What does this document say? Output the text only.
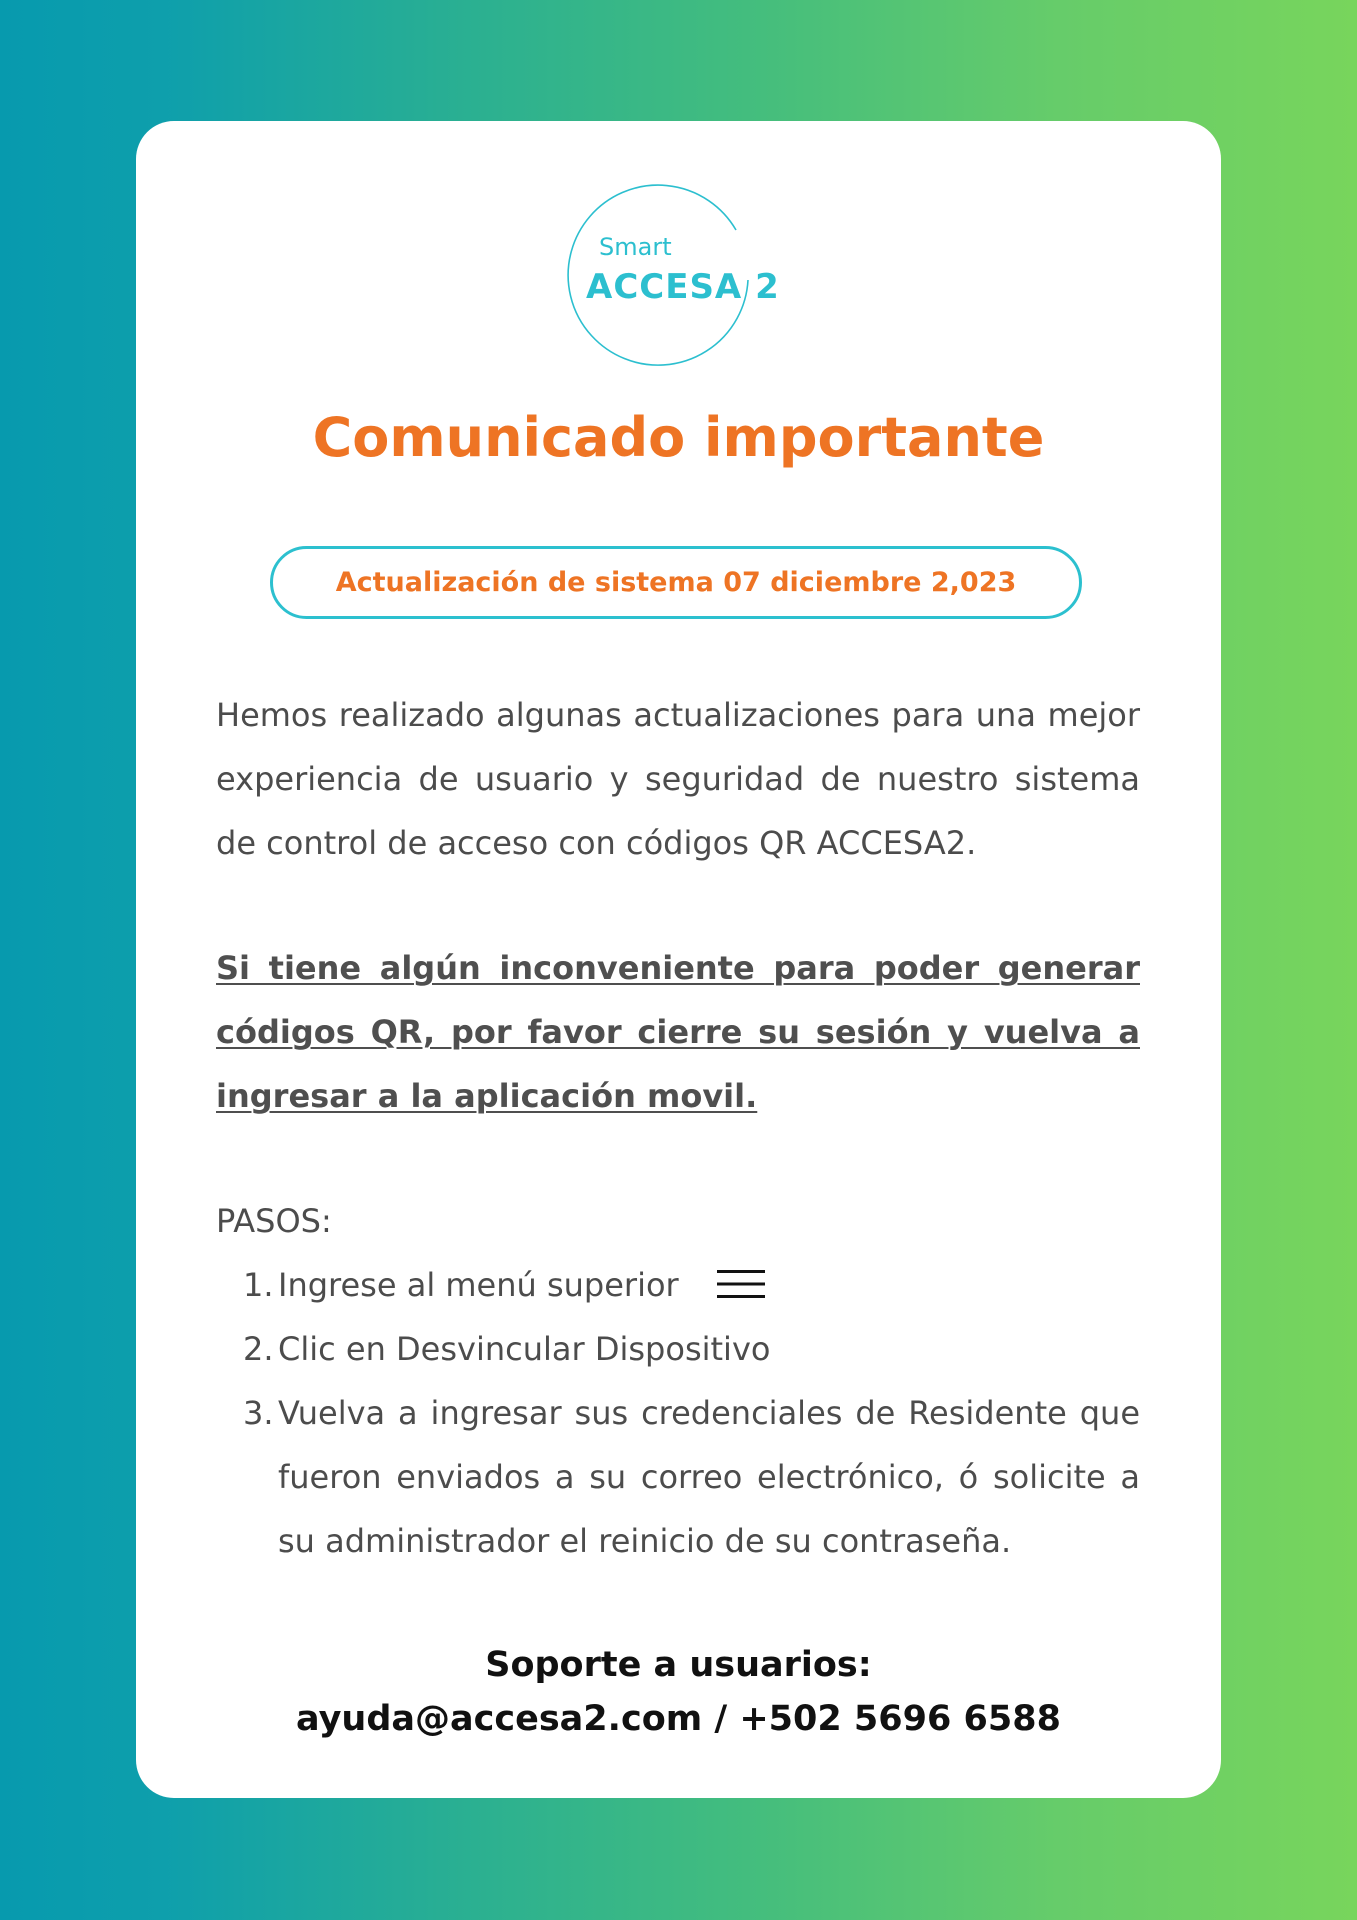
Smart
ACCESA 2
Comunicado importante
Actualización de sistema 07 diciembre 2,023
Hemos realizado algunas actualizaciones para una mejor experiencia de usuario y seguridad de nuestro sistema de control de acceso con códigos QR ACCESA2.
Si tiene algún inconveniente para poder generar códigos QR, por favor cierre su sesión y vuelva a ingresar a la aplicación movil.
PASOS:
1. Ingrese al menú superior
2. Clic en Desvincular Dispositivo
3. Vuelva a ingresar sus credenciales de Residente que fueron enviados a su correo electrónico, ó solicite a su administrador el reinicio de su contraseña.
Soporte a usuarios:
ayuda@accesa2.com / +502 5696 6588
